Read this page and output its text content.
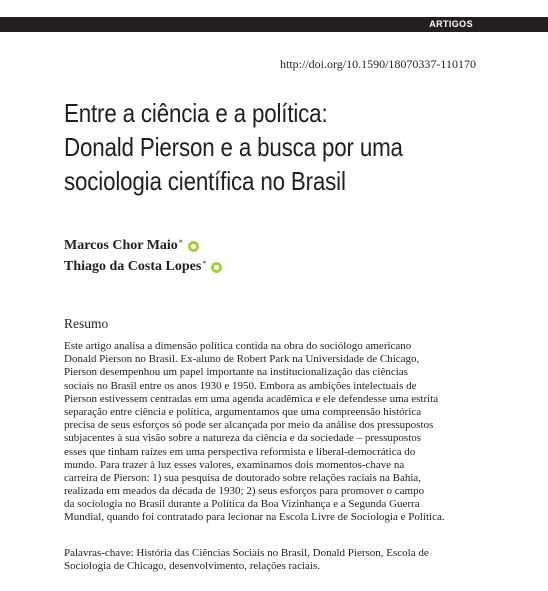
ARTIGOS
http://doi.org/10.1590/18070337-110170
Entre a ciência e a política:
Donald Pierson e a busca por uma
sociologia científica no Brasil
Marcos Chor Maio*
Thiago da Costa Lopes*
Resumo
Este artigo analisa a dimensão política contida na obra do sociólogo americano
Donald Pierson no Brasil. Ex-aluno de Robert Park na Universidade de Chicago,
Pierson desempenhou um papel importante na institucionalização das ciências
sociais no Brasil entre os anos 1930 e 1950. Embora as ambições intelectuais de
Pierson estivessem centradas em uma agenda acadêmica e ele defendesse uma estrita
separação entre ciência e política, argumentamos que uma compreensão histórica
precisa de seus esforços só pode ser alcançada por meio da análise dos pressupostos
subjacentes à sua visão sobre a natureza da ciência e da sociedade – pressupostos
esses que tinham raízes em uma perspectiva reformista e liberal-democrática do
mundo. Para trazer à luz esses valores, examinamos dois momentos-chave na
carreira de Pierson: 1) sua pesquisa de doutorado sobre relações raciais na Bahia,
realizada em meados da década de 1930; 2) seus esforços para promover o campo
da sociologia no Brasil durante a Política da Boa Vizinhança e a Segunda Guerra
Mundial, quando foi contratado para lecionar na Escola Livre de Sociologia e Política.
Palavras-chave: História das Ciências Sociais no Brasil, Donald Pierson, Escola de
Sociologia de Chicago, desenvolvimento, relações raciais.
